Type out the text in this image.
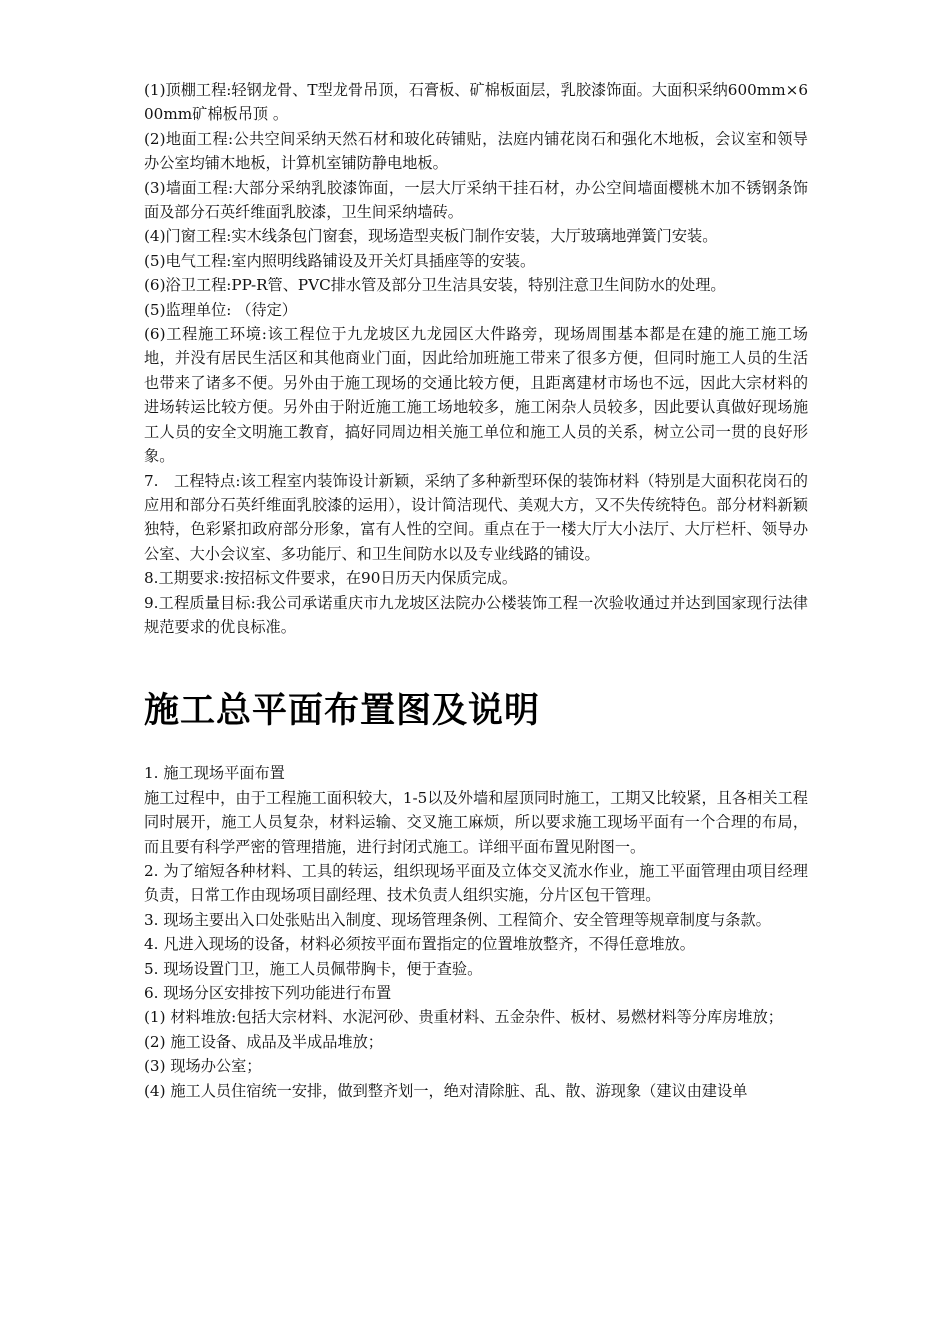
(1)顶棚工程:轻钢龙骨、T型龙骨吊顶，石膏板、矿棉板面层，乳胶漆饰面。大面积采纳600mm×600mm矿棉板吊顶 。

(2)地面工程:公共空间采纳天然石材和玻化砖铺贴，法庭内铺花岗石和强化木地板，会议室和领导办公室均铺木地板，计算机室铺防静电地板。

(3)墙面工程:大部分采纳乳胶漆饰面，一层大厅采纳干挂石材，办公空间墙面樱桃木加不锈钢条饰面及部分石英纤维面乳胶漆，卫生间采纳墙砖。

(4)门窗工程:实木线条包门窗套，现场造型夹板门制作安装，大厅玻璃地弹簧门安装。

(5)电气工程:室内照明线路铺设及开关灯具插座等的安装。

(6)浴卫工程:PP-R管、PVC排水管及部分卫生洁具安装，特别注意卫生间防水的处理。

(5)监理单位: （待定）

(6)工程施工环境:该工程位于九龙坡区九龙园区大件路旁，现场周围基本都是在建的施工施工场地，并没有居民生活区和其他商业门面，因此给加班施工带来了很多方便，但同时施工人员的生活也带来了诸多不便。另外由于施工现场的交通比较方便，且距离建材市场也不远，因此大宗材料的进场转运比较方便。另外由于附近施工施工场地较多，施工闲杂人员较多，因此要认真做好现场施工人员的安全文明施工教育，搞好同周边相关施工单位和施工人员的关系，树立公司一贯的良好形象。

7.　工程特点:该工程室内装饰设计新颖，采纳了多种新型环保的装饰材料（特别是大面积花岗石的应用和部分石英纤维面乳胶漆的运用），设计简洁现代、美观大方，又不失传统特色。部分材料新颖独特，色彩紧扣政府部分形象，富有人性的空间。重点在于一楼大厅大小法厅、大厅栏杆、领导办公室、大小会议室、多功能厅、和卫生间防水以及专业线路的铺设。

8.工期要求:按招标文件要求，在90日历天内保质完成。

9.工程质量目标:我公司承诺重庆市九龙坡区法院办公楼装饰工程一次验收通过并达到国家现行法律规范要求的优良标准。

施工总平面布置图及说明

1. 施工现场平面布置

施工过程中，由于工程施工面积较大，1-5以及外墙和屋顶同时施工，工期又比较紧，且各相关工程同时展开，施工人员复杂，材料运输、交叉施工麻烦，所以要求施工现场平面有一个合理的布局，而且要有科学严密的管理措施，进行封闭式施工。详细平面布置见附图一。

2. 为了缩短各种材料、工具的转运，组织现场平面及立体交叉流水作业，施工平面管理由项目经理负责，日常工作由现场项目副经理、技术负责人组织实施，分片区包干管理。

3. 现场主要出入口处张贴出入制度、现场管理条例、工程简介、安全管理等规章制度与条款。

4. 凡进入现场的设备，材料必须按平面布置指定的位置堆放整齐，不得任意堆放。

5. 现场设置门卫，施工人员佩带胸卡，便于查验。

6. 现场分区安排按下列功能进行布置

(1) 材料堆放:包括大宗材料、水泥河砂、贵重材料、五金杂件、板材、易燃材料等分库房堆放；

(2) 施工设备、成品及半成品堆放；

(3) 现场办公室；

(4) 施工人员住宿统一安排，做到整齐划一，绝对清除脏、乱、散、游现象（建议由建设单
